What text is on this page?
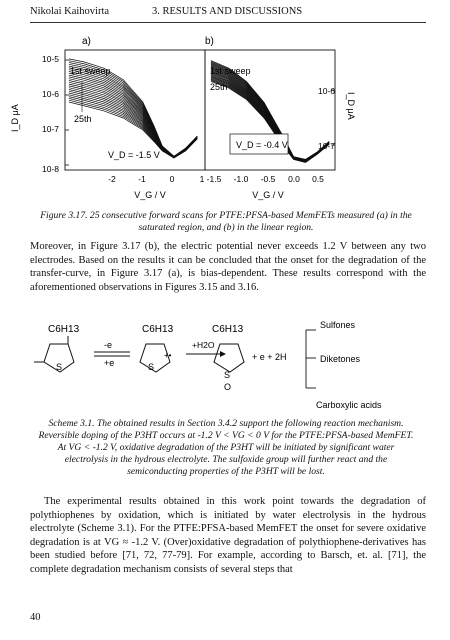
Nikolai Kaihovirta	3. RESULTS AND DISCUSSIONS
a)	b)
I_D μA	I_D μA
10-5
10-6
10-7
10-8
10-6
10-7
-2	-1	0	1 -1.5 -1.0 -0.5 0.0 0.5
V_G / V	V_G / V
1st sweep
25th
V_D = -1.5 V
1st sweep
25th
V_D = -0.4 V
Figure 3.17. 25 consecutive forward scans for PTFE:PFSA-based MemFETs measured (a) in the saturated region, and (b) in the linear region.
Moreover, in Figure 3.17 (b), the electric potential never exceeds 1.2 V between any two electrodes. Based on the results it can be concluded that the onset for the degradation of the transfer-curve, in Figure 3.17 (a), is bias-dependent. These results correspond with the aforementioned observations in Figures 3.15 and 3.16.
C6H13
S
-e
+e
C6H13
S
+•
+H2O
C6H13
S
O
+ e + 2H
Sulfones
Diketones
Carboxylic acids
Scheme 3.1. The obtained results in Section 3.4.2 support the following reaction mechanism. Reversible doping of the P3HT occurs at -1.2 V < VG < 0 V for the PTFE:PFSA-based MemFET. At VG < -1.2 V, oxidative degradation of the P3HT will be initiated by significant water electrolysis in the hydrous electrolyte. The sulfoxide group will further react and the semiconducting properties of the P3HT will be lost.
The experimental results obtained in this work point towards the degradation of polythiophenes by oxidation, which is initiated by water electrolysis in the hydrous electrolyte (Scheme 3.1). For the PTFE:PFSA-based MemFET the onset for severe oxidative degradation is at VG ≈ -1.2 V. (Over)oxidative degradation of polythiophene-derivatives has been studied before [71, 72, 77-79]. For example, according to Barsch, et. al. [71], the complete degradation mechanism consists of several steps that
40
